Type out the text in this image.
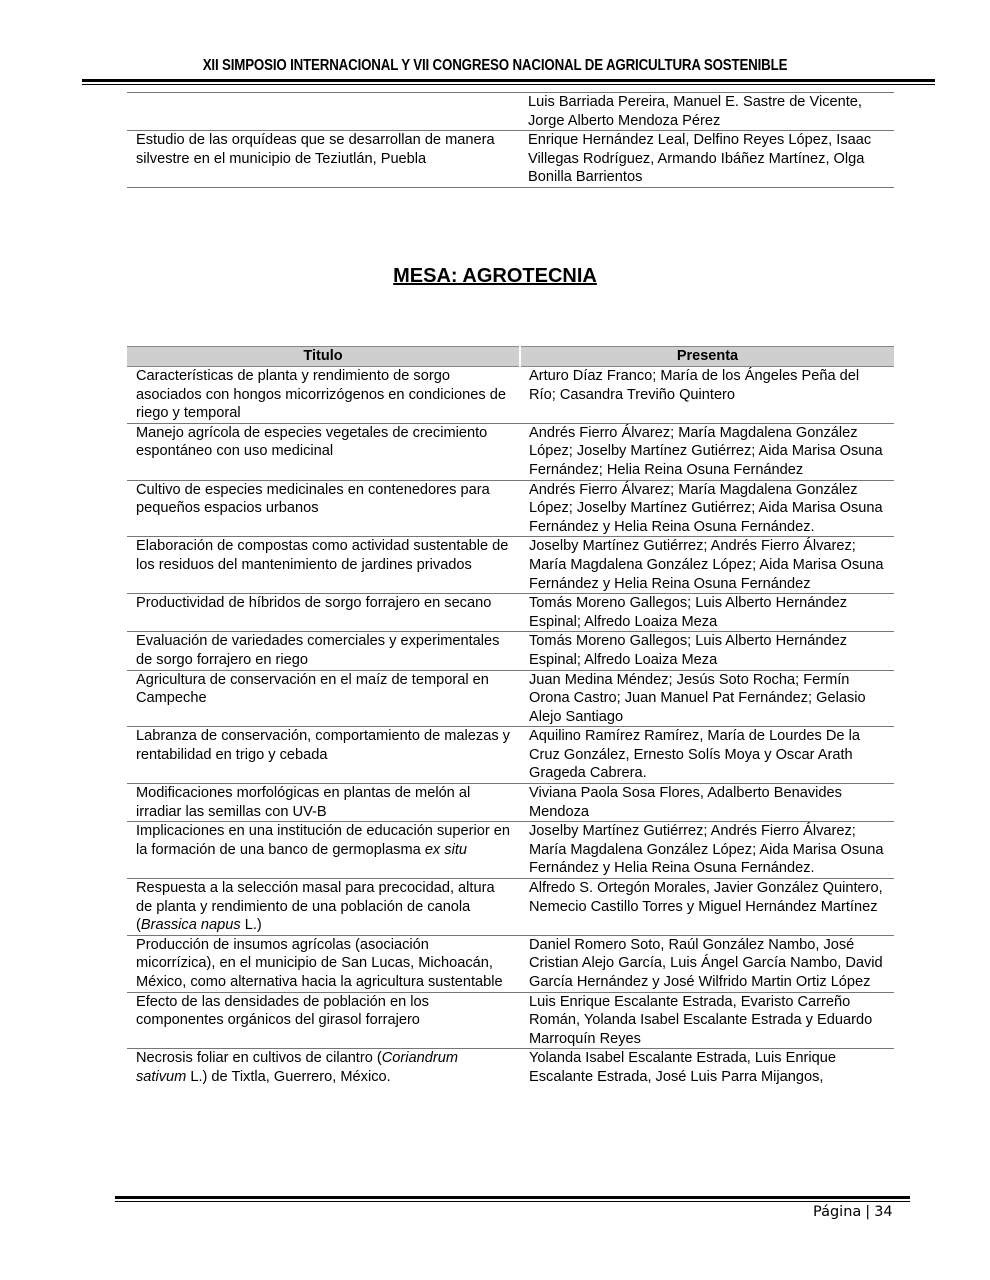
XII SIMPOSIO INTERNACIONAL Y VII CONGRESO NACIONAL DE AGRICULTURA SOSTENIBLE
	Luis Barriada Pereira, Manuel E. Sastre de Vicente, Jorge Alberto Mendoza Pérez
Estudio de las orquídeas que se desarrollan de manera silvestre en el municipio de Teziutlán, Puebla	Enrique Hernández Leal, Delfino Reyes López, Isaac Villegas Rodríguez, Armando Ibáñez Martínez, Olga Bonilla Barrientos
MESA: AGROTECNIA
Titulo	Presenta
Características de planta y rendimiento de sorgo asociados con hongos micorrizógenos en condiciones de riego y temporal	Arturo Díaz Franco; María de los Ángeles Peña del Río; Casandra Treviño Quintero
Manejo agrícola de especies vegetales de crecimiento espontáneo con uso medicinal	Andrés Fierro Álvarez; María Magdalena González López; Joselby Martínez Gutiérrez; Aida Marisa Osuna Fernández; Helia Reina Osuna Fernández
Cultivo de especies medicinales en contenedores para pequeños espacios urbanos	Andrés Fierro Álvarez; María Magdalena González López; Joselby Martínez Gutiérrez; Aida Marisa Osuna Fernández y Helia Reina Osuna Fernández.
Elaboración de compostas como actividad sustentable de los residuos del mantenimiento de jardines privados	Joselby Martínez Gutiérrez; Andrés Fierro Álvarez; María Magdalena González López; Aida Marisa Osuna Fernández y Helia Reina Osuna Fernández
Productividad de híbridos de sorgo forrajero en secano	Tomás Moreno Gallegos; Luis Alberto Hernández Espinal; Alfredo Loaiza Meza
Evaluación de variedades comerciales y experimentales de sorgo forrajero en riego	Tomás Moreno Gallegos; Luis Alberto Hernández Espinal; Alfredo Loaiza Meza
Agricultura de conservación en el maíz de temporal en Campeche	Juan Medina Méndez; Jesús Soto Rocha; Fermín Orona Castro; Juan Manuel Pat Fernández; Gelasio Alejo Santiago
Labranza de conservación, comportamiento de malezas y rentabilidad en trigo y cebada	Aquilino Ramírez Ramírez, María de Lourdes De la Cruz González, Ernesto Solís Moya y Oscar Arath Grageda Cabrera.
Modificaciones morfológicas en plantas de melón al irradiar las semillas con UV-B	Viviana Paola Sosa Flores, Adalberto Benavides Mendoza
Implicaciones en una institución de educación superior en la formación de una banco de germoplasma ex situ	Joselby Martínez Gutiérrez; Andrés Fierro Álvarez; María Magdalena González López; Aida Marisa Osuna Fernández y Helia Reina Osuna Fernández.
Respuesta a la selección masal para precocidad, altura de planta y rendimiento de una población de canola (Brassica napus L.)	Alfredo S. Ortegón Morales, Javier González Quintero, Nemecio Castillo Torres y Miguel Hernández Martínez
Producción de insumos agrícolas (asociación micorrízica), en el municipio de San Lucas, Michoacán, México, como alternativa hacia la agricultura sustentable	Daniel Romero Soto, Raúl González Nambo, José Cristian Alejo García, Luis Ángel García Nambo, David García Hernández y José Wilfrido Martin Ortiz López
Efecto de las densidades de población en los componentes orgánicos del girasol forrajero	Luis Enrique Escalante Estrada, Evaristo Carreño Román, Yolanda Isabel Escalante Estrada y Eduardo Marroquín Reyes
Necrosis foliar en cultivos de cilantro (Coriandrum sativum L.) de Tixtla, Guerrero, México.	Yolanda Isabel Escalante Estrada, Luis Enrique Escalante Estrada, José Luis Parra Mijangos,
Página | 34
